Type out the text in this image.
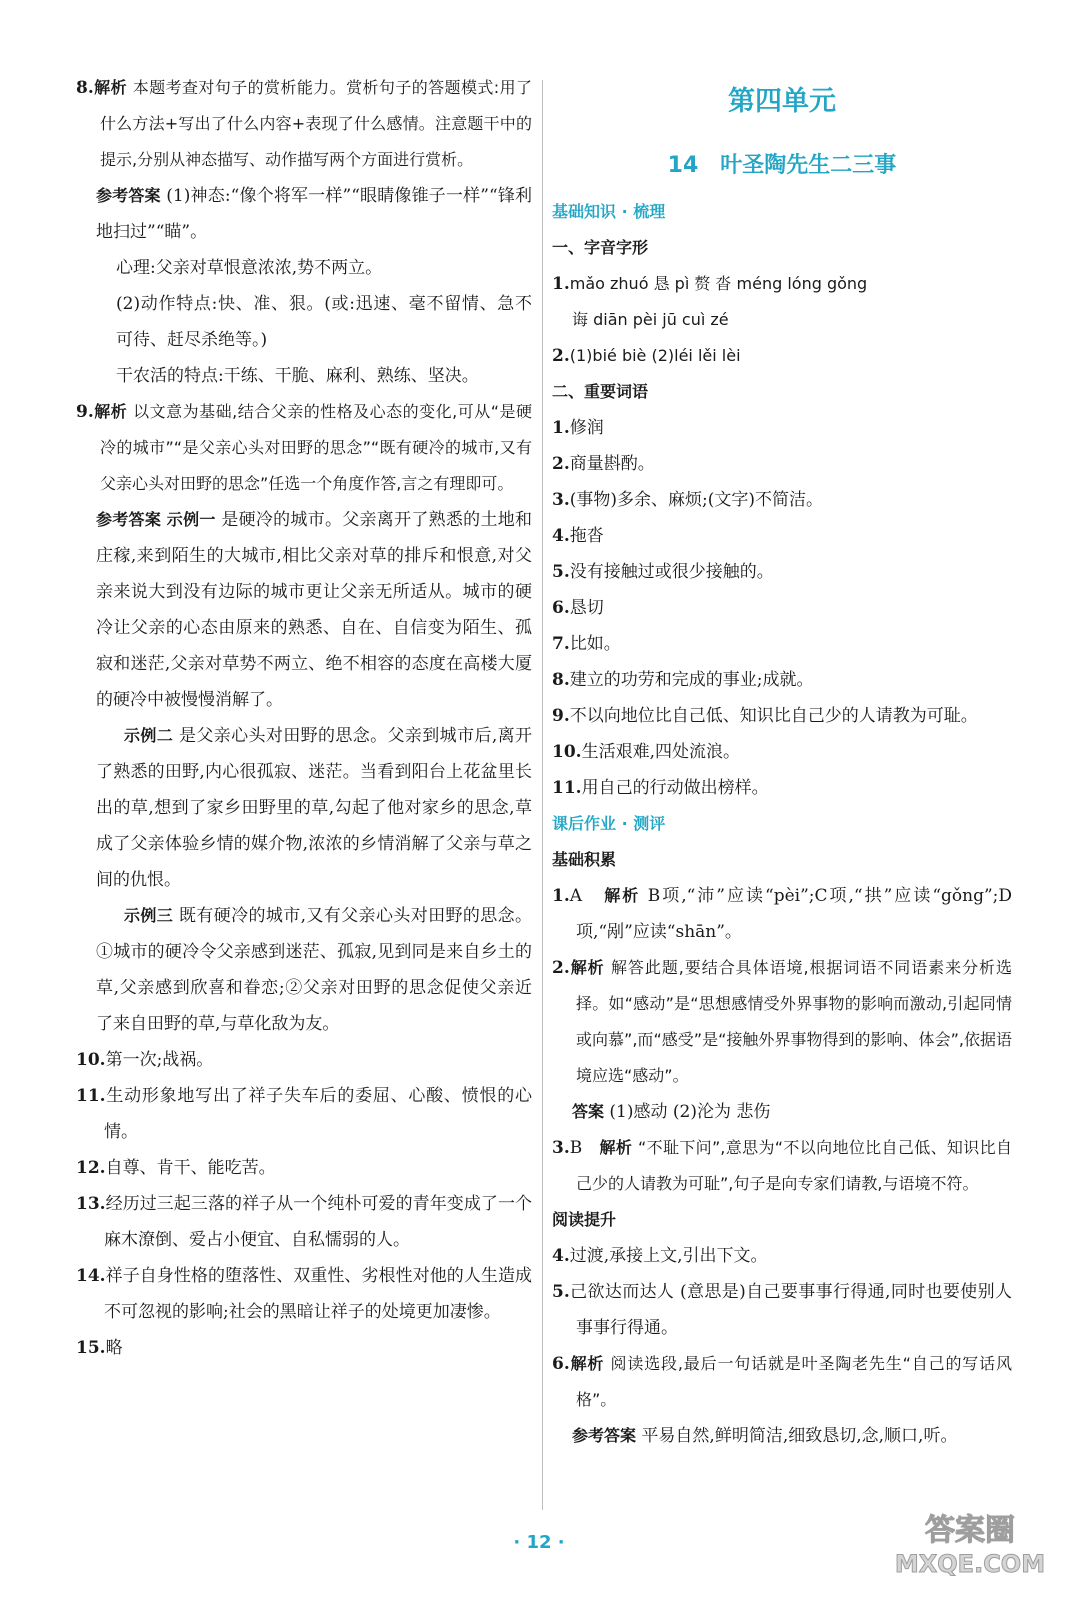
8.解析 本题考查对句子的赏析能力。赏析句子的答题模式:用了什么方法+写出了什么内容+表现了什么感情。注意题干中的提示,分别从神态描写、动作描写两个方面进行赏析。

参考答案 (1)神态:“像个将军一样”“眼睛像锥子一样”“锋利地扫过”“瞄”。

心理:父亲对草恨意浓浓,势不两立。

(2)动作特点:快、准、狠。(或:迅速、毫不留情、急不可待、赶尽杀绝等。)

干农活的特点:干练、干脆、麻利、熟练、坚决。

9.解析 以文意为基础,结合父亲的性格及心态的变化,可从“是硬冷的城市”“是父亲心头对田野的思念”“既有硬冷的城市,又有父亲心头对田野的思念”任选一个角度作答,言之有理即可。

参考答案 示例一 是硬冷的城市。父亲离开了熟悉的土地和庄稼,来到陌生的大城市,相比父亲对草的排斥和恨意,对父亲来说大到没有边际的城市更让父亲无所适从。城市的硬冷让父亲的心态由原来的熟悉、自在、自信变为陌生、孤寂和迷茫,父亲对草势不两立、绝不相容的态度在高楼大厦的硬冷中被慢慢消解了。

示例二 是父亲心头对田野的思念。父亲到城市后,离开了熟悉的田野,内心很孤寂、迷茫。当看到阳台上花盆里长出的草,想到了家乡田野里的草,勾起了他对家乡的思念,草成了父亲体验乡情的媒介物,浓浓的乡情消解了父亲与草之间的仇恨。

示例三 既有硬冷的城市,又有父亲心头对田野的思念。①城市的硬冷令父亲感到迷茫、孤寂,见到同是来自乡土的草,父亲感到欣喜和眷恋;②父亲对田野的思念促使父亲近了来自田野的草,与草化敌为友。

10.第一次;战祸。

11.生动形象地写出了祥子失车后的委屈、心酸、愤恨的心情。

12.自尊、肯干、能吃苦。

13.经历过三起三落的祥子从一个纯朴可爱的青年变成了一个麻木潦倒、爱占小便宜、自私懦弱的人。

14.祥子自身性格的堕落性、双重性、劣根性对他的人生造成不可忽视的影响;社会的黑暗让祥子的处境更加凄惨。

15.略

第四单元
14 叶圣陶先生二三事

基础知识 · 梳理

一、字音字形

1.mǎo zhuó 恳 pì 赘 沓 méng lóng gǒng

诲 diān pèi jū cuì zé

2.(1)bié biè (2)léi lěi lèi

二、重要词语

1.修润

2.商量斟酌。

3.(事物)多余、麻烦;(文字)不简洁。

4.拖沓

5.没有接触过或很少接触的。

6.恳切

7.比如。

8.建立的功劳和完成的事业;成就。

9.不以向地位比自己低、知识比自己少的人请教为可耻。

10.生活艰难,四处流浪。

11.用自己的行动做出榜样。

课后作业 · 测评

基础积累

1.A 解析 B项,“沛”应读“pèi”;C项,“拱”应读“gǒng”;D项,“剐”应读“shān”。

2.解析 解答此题,要结合具体语境,根据词语不同语素来分析选择。如“感动”是“思想感情受外界事物的影响而激动,引起同情或向慕”,而“感受”是“接触外界事物得到的影响、体会”,依据语境应选“感动”。

答案 (1)感动 (2)沦为 悲伤

3.B 解析 “不耻下问”,意思为“不以向地位比自己低、知识比自己少的人请教为可耻”,句子是向专家们请教,与语境不符。

阅读提升

4.过渡,承接上文,引出下文。

5.己欲达而达人 (意思是)自己要事事行得通,同时也要使别人事事行得通。

6.解析 阅读选段,最后一句话就是叶圣陶老先生“自己的写话风格”。

参考答案 平易自然,鲜明简洁,细致恳切,念,顺口,听。

· 12 ·	答案圈
MXQE.COM
